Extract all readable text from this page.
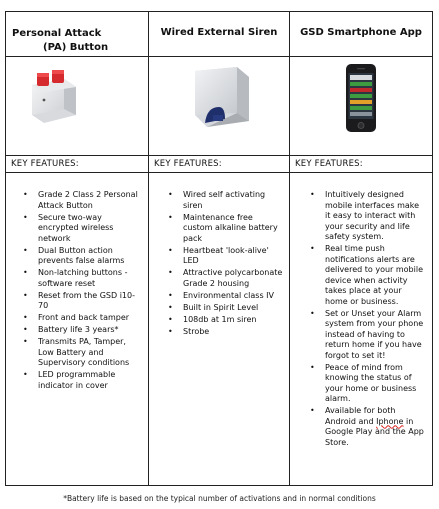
Personal Attack
(PA) Button
Wired External Siren GSD Smartphone App
KEY FEATURES:	KEY FEATURES:	KEY FEATURES:
• Grade 2 Class 2 Personal Attack Button
• Secure two-way encrypted wireless network
• Dual Button action prevents false alarms
• Non-latching buttons - software reset
• Reset from the GSD i10-70
• Front and back tamper
• Battery life 3 years*
• Transmits PA, Tamper, Low Battery and Supervisory conditions
• LED programmable indicator in cover
• Wired self activating siren
• Maintenance free custom alkaline battery pack
• Heartbeat 'look-alive' LED
• Attractive polycarbonate Grade 2 housing
• Environmental class IV
• Built in Spirit Level
• 108db at 1m siren
• Strobe
• Intuitively designed mobile interfaces make it easy to interact with your security and life safety system.
• Real time push notifications alerts are delivered to your mobile device when activity takes place at your home or business.
• Set or Unset your Alarm system from your phone instead of having to return home if you have forgot to set it!
• Peace of mind from knowing the status of your home or business alarm.
• Available for both Android and Iphone in Google Play and the App Store.
*Battery life is based on the typical number of activations and in normal conditions
